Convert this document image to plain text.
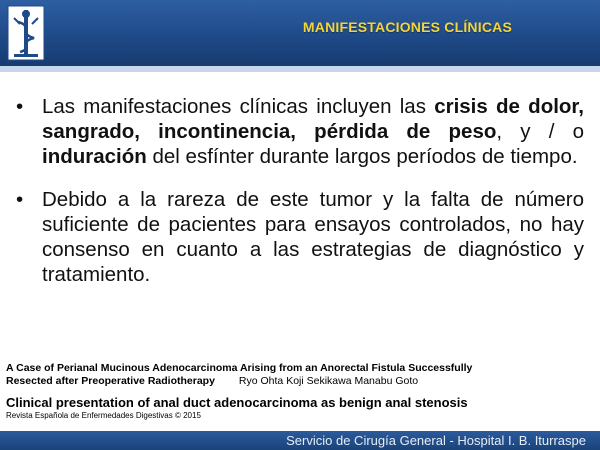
MANIFESTACIONES CLÍNICAS
• Las manifestaciones clínicas incluyen las crisis de dolor, sangrado, incontinencia, pérdida de peso, y / o induración del esfínter durante largos períodos de tiempo.
• Debido a la rareza de este tumor y la falta de número suficiente de pacientes para ensayos controlados, no hay consenso en cuanto a las estrategias de diagnóstico y tratamiento.
A Case of Perianal Mucinous Adenocarcinoma Arising from an Anorectal Fistula Successfully
Resected after Preoperative Radiotherapy Ryo Ohta Koji Sekikawa Manabu Goto
Clinical presentation of anal duct adenocarcinoma as benign anal stenosis
Revista Española de Enfermedades Digestivas © 2015
Servicio de Cirugía General - Hospital I. B. Iturraspe
